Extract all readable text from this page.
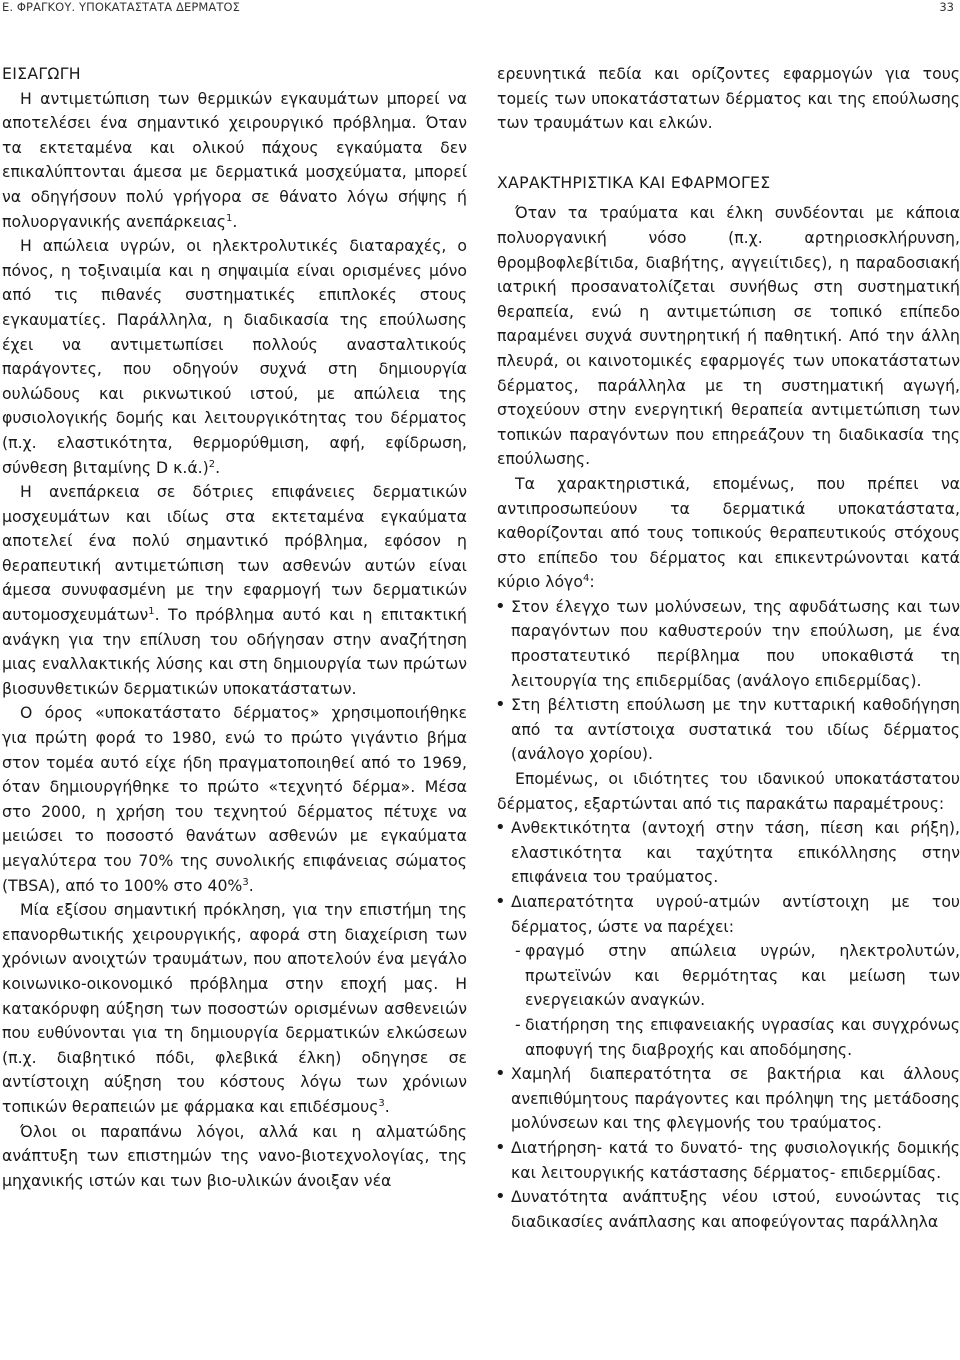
Ε. ΦΡΑΓΚΟΥ. ΥΠΟΚΑΤΑΣΤΑΤΑ ΔΕΡΜΑΤΟΣ	33
ΕΙΣΑΓΩΓΗ

Η αντιμετώπιση των θερμικών εγκαυμάτων μπορεί να αποτελέσει ένα σημαντικό χειρουργικό πρόβλημα. Όταν τα εκτεταμένα και ολικού πάχους εγκαύματα δεν επικαλύπτονται άμεσα με δερματικά μοσχεύματα, μπορεί να οδηγήσουν πολύ γρήγορα σε θάνατο λόγω σήψης ή πολυοργανικής ανεπάρκειας$^1$.

Η απώλεια υγρών, οι ηλεκτρολυτικές διαταραχές, ο πόνος, η τοξιναιμία και η σηψαιμία είναι ορισμένες μόνο από τις πιθανές συστηματικές επιπλοκές στους εγκαυματίες. Παράλληλα, η διαδικασία της επούλωσης έχει να αντιμετωπίσει πολλούς ανασταλτικούς παράγοντες, που οδηγούν συχνά στη δημιουργία ουλώδους και ρικνωτικού ιστού, με απώλεια της φυσιολογικής δομής και λειτουργικότητας του δέρματος (π.χ. ελαστικότητα, θερμορύθμιση, αφή, εφίδρωση, σύνθεση βιταμίνης D κ.ά.)$^2$.

Η ανεπάρκεια σε δότριες επιφάνειες δερματικών μοσχευμάτων και ιδίως στα εκτεταμένα εγκαύματα αποτελεί ένα πολύ σημαντικό πρόβλημα, εφόσον η θεραπευτική αντιμετώπιση των ασθενών αυτών είναι άμεσα συνυφασμένη με την εφαρμογή των δερματικών αυτομοσχευμάτων$^1$. Το πρόβλημα αυτό και η επιτακτική ανάγκη για την επίλυση του οδήγησαν στην αναζήτηση μιας εναλλακτικής λύσης και στη δημιουργία των πρώτων βιοσυνθετικών δερματικών υποκατάστατων.

Ο όρος «υποκατάστατο δέρματος» χρησιμοποιήθηκε για πρώτη φορά το 1980, ενώ το πρώτο γιγάντιο βήμα στον τομέα αυτό είχε ήδη πραγματοποιηθεί από το 1969, όταν δημιουργήθηκε το πρώτο «τεχνητό δέρμα». Μέσα στο 2000, η χρήση του τεχνητού δέρματος πέτυχε να μειώσει το ποσοστό θανάτων ασθενών με εγκαύματα μεγαλύτερα του 70% της συνολικής επιφάνειας σώματος (TBSA), από το 100% στο 40%$^3$.

Μία εξίσου σημαντική πρόκληση, για την επιστήμη της επανορθωτικής χειρουργικής, αφορά στη διαχείριση των χρόνιων ανοιχτών τραυμάτων, που αποτελούν ένα μεγάλο κοινωνικο-οικονομικό πρόβλημα στην εποχή μας. Η κατακόρυφη αύξηση των ποσοστών ορισμένων ασθενειών που ευθύνονται για τη δημιουργία δερματικών ελκώσεων (π.χ. διαβητικό πόδι, φλεβικά έλκη) οδηγησε σε αντίστοιχη αύξηση του κόστους λόγω των χρόνιων τοπικών θεραπειών με φάρμακα και επιδέσμους$^3$.

Όλοι οι παραπάνω λόγοι, αλλά και η αλματώδης ανάπτυξη των επιστημών της νανο-βιοτεχνολογίας, της μηχανικής ιστών και των βιο-υλικών άνοιξαν νέα

ερευνητικά πεδία και ορίζοντες εφαρμογών για τους τομείς των υποκατάστατων δέρματος και της επούλωσης των τραυμάτων και ελκών.

ΧΑΡΑΚΤΗΡΙΣΤΙΚΑ ΚΑΙ ΕΦΑΡΜΟΓΕΣ

Όταν τα τραύματα και έλκη συνδέονται με κάποια πολυοργανική νόσο (π.χ. αρτηριοσκλήρυνση, θρομβοφλεβίτιδα, διαβήτης, αγγειίτιδες), η παραδοσιακή ιατρική προσανατολίζεται συνήθως στη συστηματική θεραπεία, ενώ η αντιμετώπιση σε τοπικό επίπεδο παραμένει συχνά συντηρητική ή παθητική. Από την άλλη πλευρά, οι καινοτομικές εφαρμογές των υποκατάστατων δέρματος, παράλληλα με τη συστηματική αγωγή, στοχεύουν στην ενεργητική θεραπεία αντιμετώπιση των τοπικών παραγόντων που επηρεάζουν τη διαδικασία της επούλωσης.

Τα χαρακτηριστικά, επομένως, που πρέπει να αντιπροσωπεύουν τα δερματικά υποκατάστατα, καθορίζονται από τους τοπικούς θεραπευτικούς στόχους στο επίπεδο του δέρματος και επικεντρώνονται κατά κύριο λόγο$^4$:

• Στον έλεγχο των μολύνσεων, της αφυδάτωσης και των παραγόντων που καθυστερούν την επούλωση, με ένα προστατευτικό περίβλημα που υποκαθιστά τη λειτουργία της επιδερμίδας (ανάλογο επιδερμίδας).
• Στη βέλτιστη επούλωση με την κυτταρική καθοδήγηση από τα αντίστοιχα συστατικά του ιδίως δέρματος (ανάλογο χορίου).

Επομένως, οι ιδιότητες του ιδανικού υποκατάστατου δέρματος, εξαρτώνται από τις παρακάτω παραμέτρους:

• Ανθεκτικότητα (αντοχή στην τάση, πίεση και ρήξη), ελαστικότητα και ταχύτητα επικόλλησης στην επιφάνεια του τραύματος.
• Διαπερατότητα υγρού-ατμών αντίστοιχη με του δέρματος, ώστε να παρέχει:
- φραγμό στην απώλεια υγρών, ηλεκτρολυτών, πρωτεϊνών και θερμότητας και μείωση των ενεργειακών αναγκών.
- διατήρηση της επιφανειακής υγρασίας και συγχρόνως αποφυγή της διαβροχής και αποδόμησης.
• Χαμηλή διαπερατότητα σε βακτήρια και άλλους ανεπιθύμητους παράγοντες και πρόληψη της μετάδοσης μολύνσεων και της φλεγμονής του τραύματος.
• Διατήρηση- κατά το δυνατό- της φυσιολογικής δομικής και λειτουργικής κατάστασης δέρματος- επιδερμίδας.
• Δυνατότητα ανάπτυξης νέου ιστού, ευνοώντας τις διαδικασίες ανάπλασης και αποφεύγοντας παράλληλα
